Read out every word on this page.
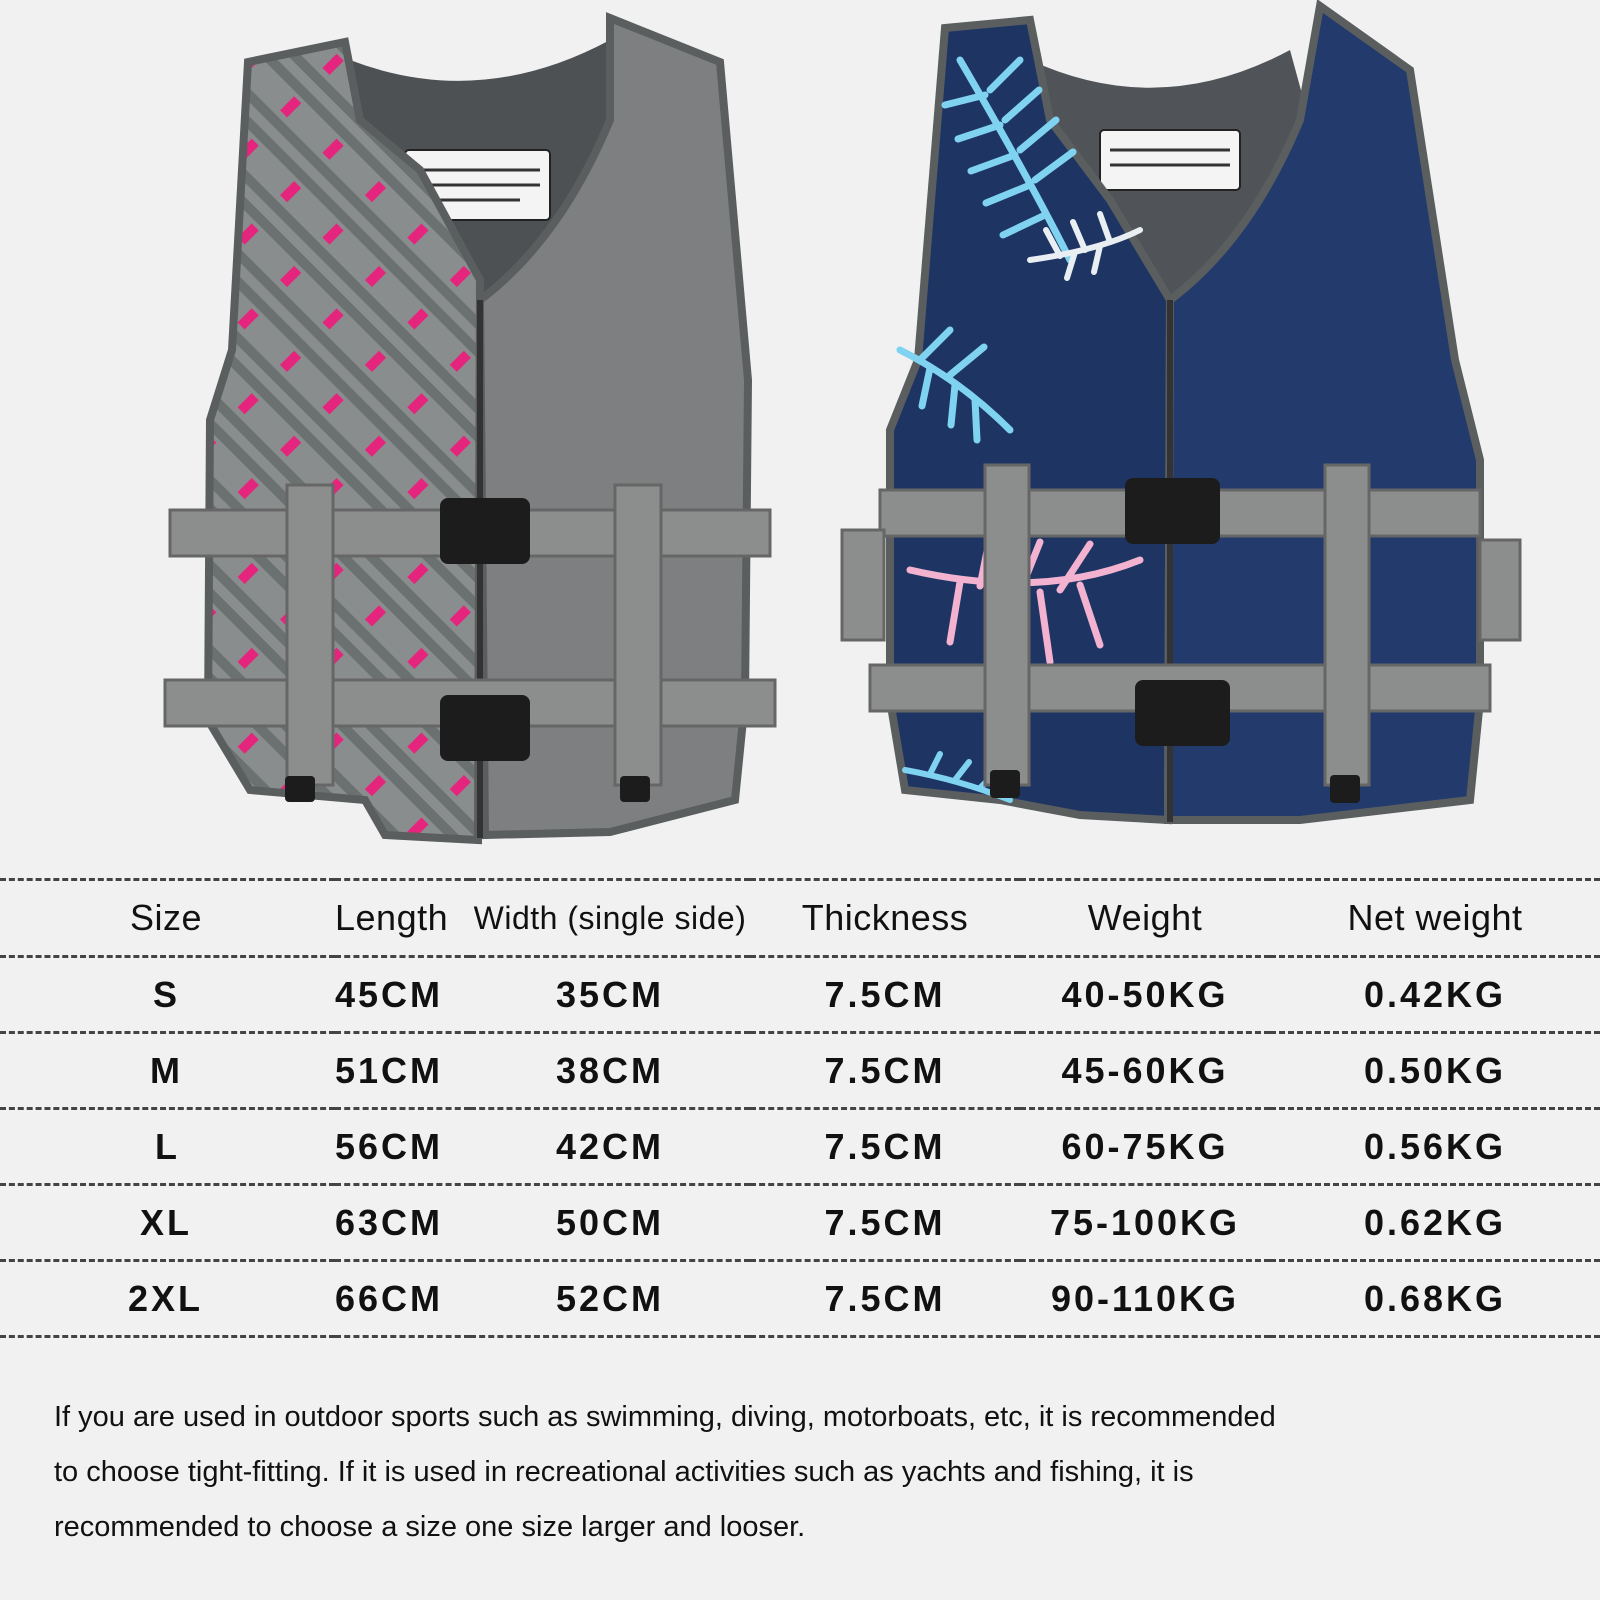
Size	Length	Width (single side)	Thickness	Weight	Net weight
S	45CM	35CM	7.5CM	40-50KG	0.42KG
M	51CM	38CM	7.5CM	45-60KG	0.50KG
L	56CM	42CM	7.5CM	60-75KG	0.56KG
XL	63CM	50CM	7.5CM	75-100KG	0.62KG
2XL	66CM	52CM	7.5CM	90-110KG	0.68KG

If you are used in outdoor sports such as swimming, diving, motorboats, etc, it is recommended

to choose tight-fitting. If it is used in recreational activities such as yachts and fishing, it is

recommended to choose a size one size larger and looser.
